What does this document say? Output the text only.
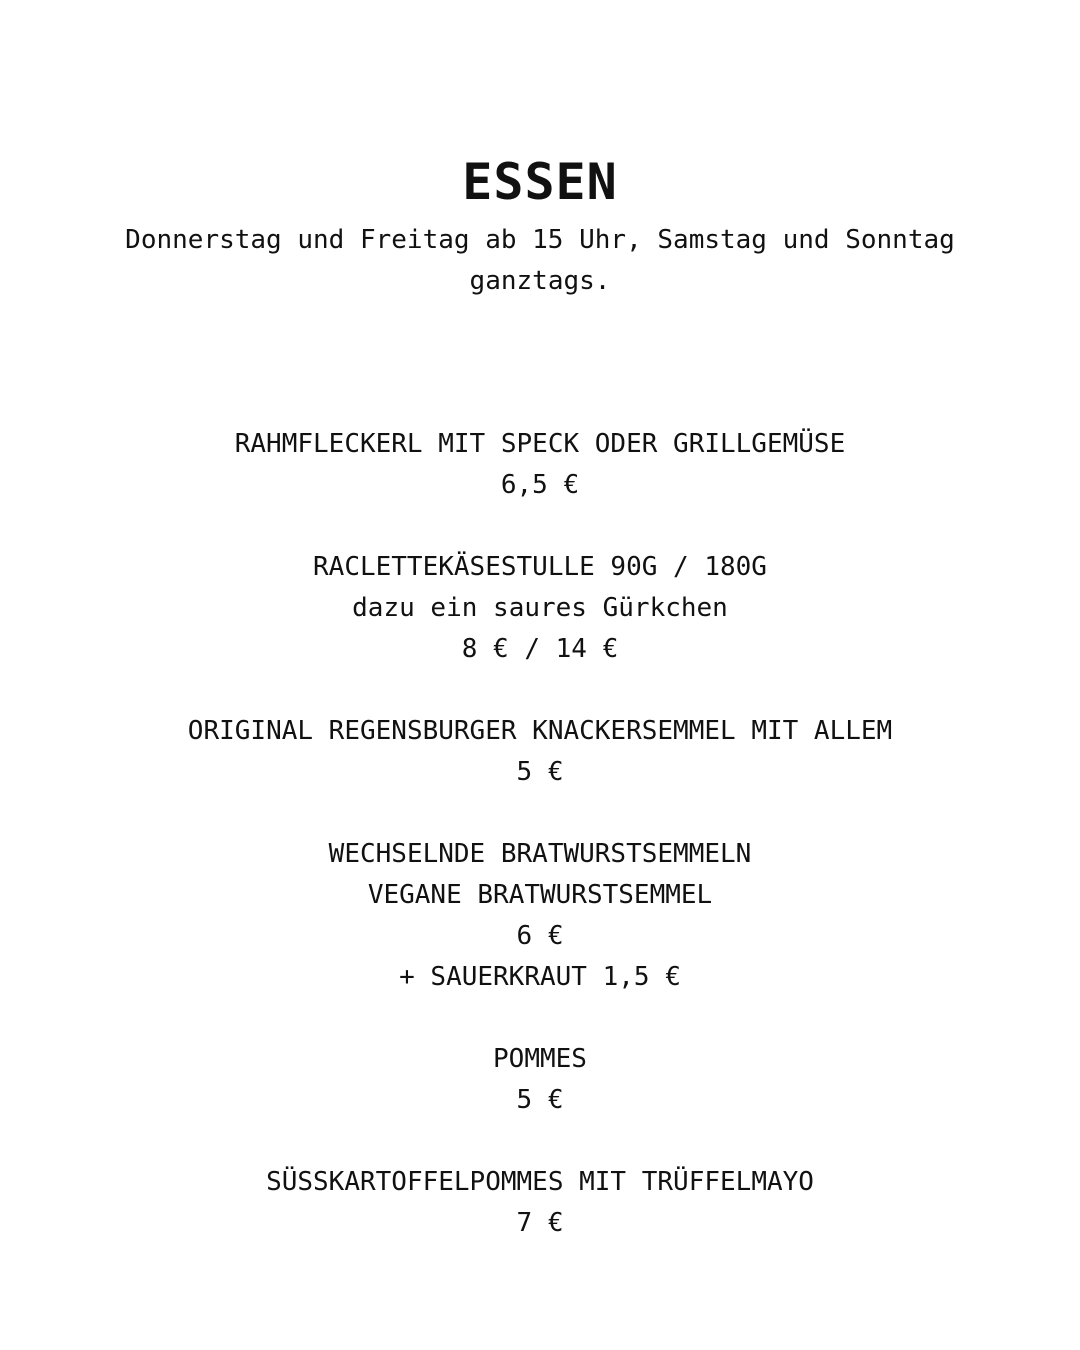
ESSEN

Donnerstag und Freitag ab 15 Uhr, Samstag und Sonntag ganztags.

RAHMFLECKERL MIT SPECK ODER GRILLGEMÜSE
6,5 €
RACLETTEKÄSESTULLE 90G / 180G
dazu ein saures Gürkchen
8 € / 14 €
ORIGINAL REGENSBURGER KNACKERSEMMEL MIT ALLEM
5 €
WECHSELNDE BRATWURSTSEMMELN
VEGANE BRATWURSTSEMMEL
6 €
+ SAUERKRAUT 1,5 €
POMMES
5 €
SÜSSKARTOFFELPOMMES MIT TRÜFFELMAYO
7 €
